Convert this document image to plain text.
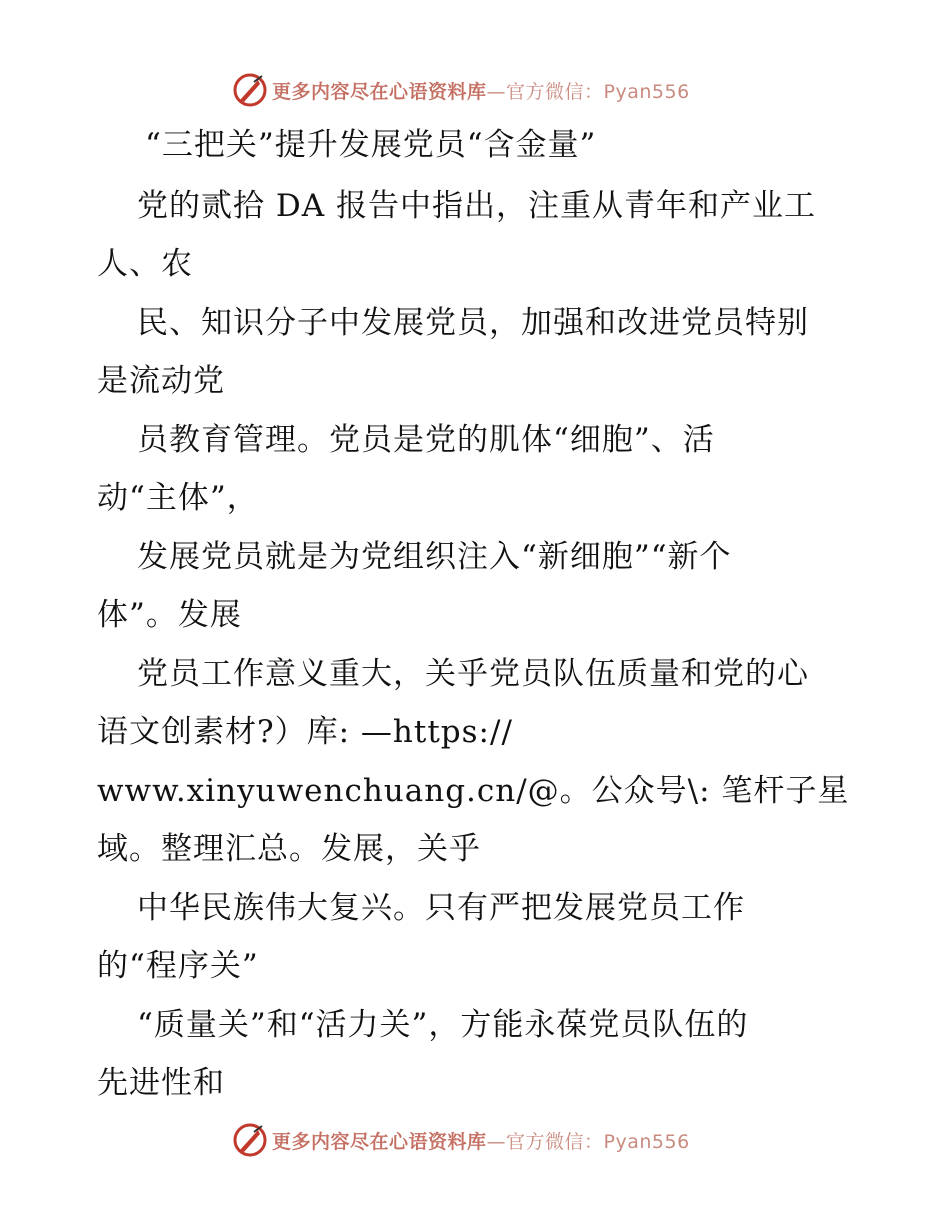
更多内容尽在心语资料库—官方微信：Pyan556
“三把关”提升发展党员“含金量”
党的贰拾 DA 报告中指出，注重从青年和产业工
人、农
民、知识分子中发展党员，加强和改进党员特别
是流动党
员教育管理。党员是党的肌体“细胞”、活
动“主体”，
发展党员就是为党组织注入“新细胞”“新个
体”。发展
党员工作意义重大，关乎党员队伍质量和党的心
语文创素材?）库: —https://
www.xinyuwenchuang.cn/@。公众号\: 笔杆子星
域。整理汇总。发展，关乎
中华民族伟大复兴。只有严把发展党员工作
的“程序关”
“质量关”和“活力关”，方能永葆党员队伍的
先进性和
更多内容尽在心语资料库—官方微信：Pyan556
